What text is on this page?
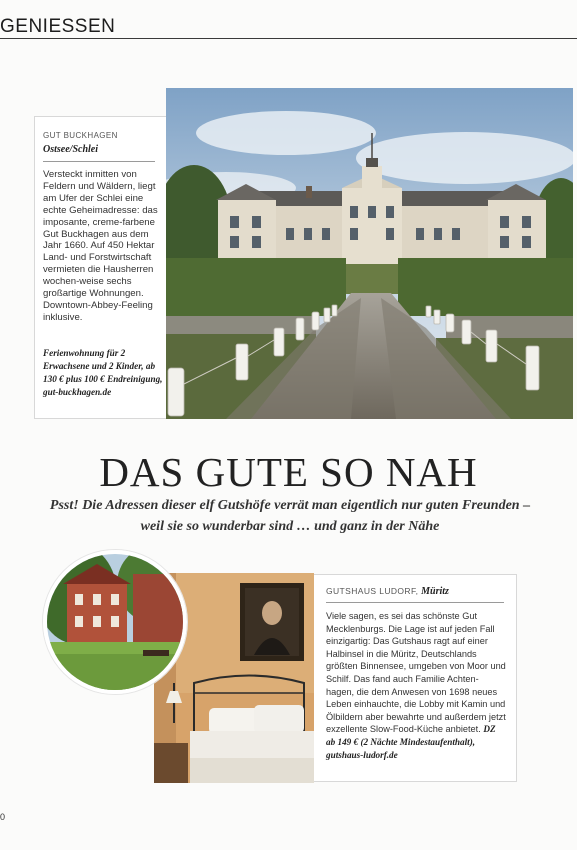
GENIESSEN
GUT BUCKHAGEN
Ostsee/Schlei
Versteckt inmitten von Feldern und Wäldern, liegt am Ufer der Schlei eine echte Geheimadresse: das imposante, creme-farbene Gut Buckhagen aus dem Jahr 1660. Auf 450 Hektar Land- und Forstwirtschaft vermieten die Hausherren wochen-weise sechs großartige Wohnungen. Downtown-Abbey-Feeling inklusive.
Ferienwohnung für 2 Erwachsene und 2 Kinder, ab 130 € plus 100 € Endreinigung, gut-buckhagen.de
DAS GUTE SO NAH
Psst! Die Adressen dieser elf Gutshöfe verrät man eigentlich nur guten Freunden – weil sie so wunderbar sind … und ganz in der Nähe
GUTSHAUS LUDORF, Müritz
Viele sagen, es sei das schönste Gut Mecklenburgs. Die Lage ist auf jeden Fall einzigartig: Das Gutshaus ragt auf einer Halbinsel in die Müritz, Deutschlands größten Binnensee, umgeben von Moor und Schilf. Das fand auch Familie Achten-hagen, die dem Anwesen von 1698 neues Leben einhauchte, die Lobby mit Kamin und Ölbildern aber bewahrte und außerdem jetzt exzellente Slow-Food-Küche anbietet. DZ ab 149 € (2 Nächte Mindestaufenthalt), gutshaus-ludorf.de
0
